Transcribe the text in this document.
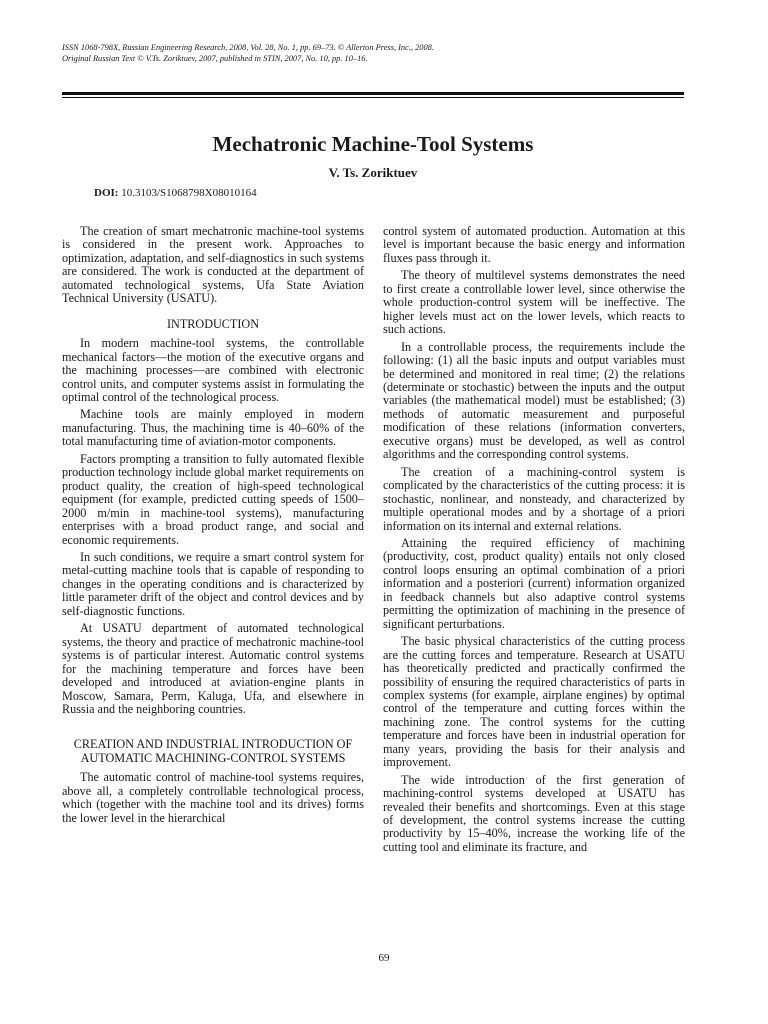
ISSN 1068-798X, Russian Engineering Research, 2008, Vol. 28, No. 1, pp. 69–73. © Allerton Press, Inc., 2008.
Original Russian Text © V.Ts. Zoriktuev, 2007, published in STIN, 2007, No. 10, pp. 10–16.
Mechatronic Machine-Tool Systems
V. Ts. Zoriktuev
DOI: 10.3103/S1068798X08010164

The creation of smart mechatronic machine-tool systems is considered in the present work. Approaches to optimization, adaptation, and self-diagnostics in such systems are considered. The work is conducted at the department of automated technological systems, Ufa State Aviation Technical University (USATU).

INTRODUCTION

In modern machine-tool systems, the controllable mechanical factors—the motion of the executive organs and the machining processes—are combined with electronic control units, and computer systems assist in formulating the optimal control of the technological process.

Machine tools are mainly employed in modern manufacturing. Thus, the machining time is 40–60% of the total manufacturing time of aviation-motor components.

Factors prompting a transition to fully automated flexible production technology include global market requirements on product quality, the creation of high-speed technological equipment (for example, predicted cutting speeds of 1500–2000 m/min in machine-tool systems), manufacturing enterprises with a broad product range, and social and economic requirements.

In such conditions, we require a smart control system for metal-cutting machine tools that is capable of responding to changes in the operating conditions and is characterized by little parameter drift of the object and control devices and by self-diagnostic functions.

At USATU department of automated technological systems, the theory and practice of mechatronic machine-tool systems is of particular interest. Automatic control systems for the machining temperature and forces have been developed and introduced at aviation-engine plants in Moscow, Samara, Perm, Kaluga, Ufa, and elsewhere in Russia and the neighboring countries.

CREATION AND INDUSTRIAL INTRODUCTION OF AUTOMATIC MACHINING-CONTROL SYSTEMS

The automatic control of machine-tool systems requires, above all, a completely controllable technological process, which (together with the machine tool and its drives) forms the lower level in the hierarchical

control system of automated production. Automation at this level is important because the basic energy and information fluxes pass through it.

The theory of multilevel systems demonstrates the need to first create a controllable lower level, since otherwise the whole production-control system will be ineffective. The higher levels must act on the lower levels, which reacts to such actions.

In a controllable process, the requirements include the following: (1) all the basic inputs and output variables must be determined and monitored in real time; (2) the relations (determinate or stochastic) between the inputs and the output variables (the mathematical model) must be established; (3) methods of automatic measurement and purposeful modification of these relations (information converters, executive organs) must be developed, as well as control algorithms and the corresponding control systems.

The creation of a machining-control system is complicated by the characteristics of the cutting process: it is stochastic, nonlinear, and nonsteady, and characterized by multiple operational modes and by a shortage of a priori information on its internal and external relations.

Attaining the required efficiency of machining (productivity, cost, product quality) entails not only closed control loops ensuring an optimal combination of a priori information and a posteriori (current) information organized in feedback channels but also adaptive control systems permitting the optimization of machining in the presence of significant perturbations.

The basic physical characteristics of the cutting process are the cutting forces and temperature. Research at USATU has theoretically predicted and practically confirmed the possibility of ensuring the required characteristics of parts in complex systems (for example, airplane engines) by optimal control of the temperature and cutting forces within the machining zone. The control systems for the cutting temperature and forces have been in industrial operation for many years, providing the basis for their analysis and improvement.

The wide introduction of the first generation of machining-control systems developed at USATU has revealed their benefits and shortcomings. Even at this stage of development, the control systems increase the cutting productivity by 15–40%, increase the working life of the cutting tool and eliminate its fracture, and

69
